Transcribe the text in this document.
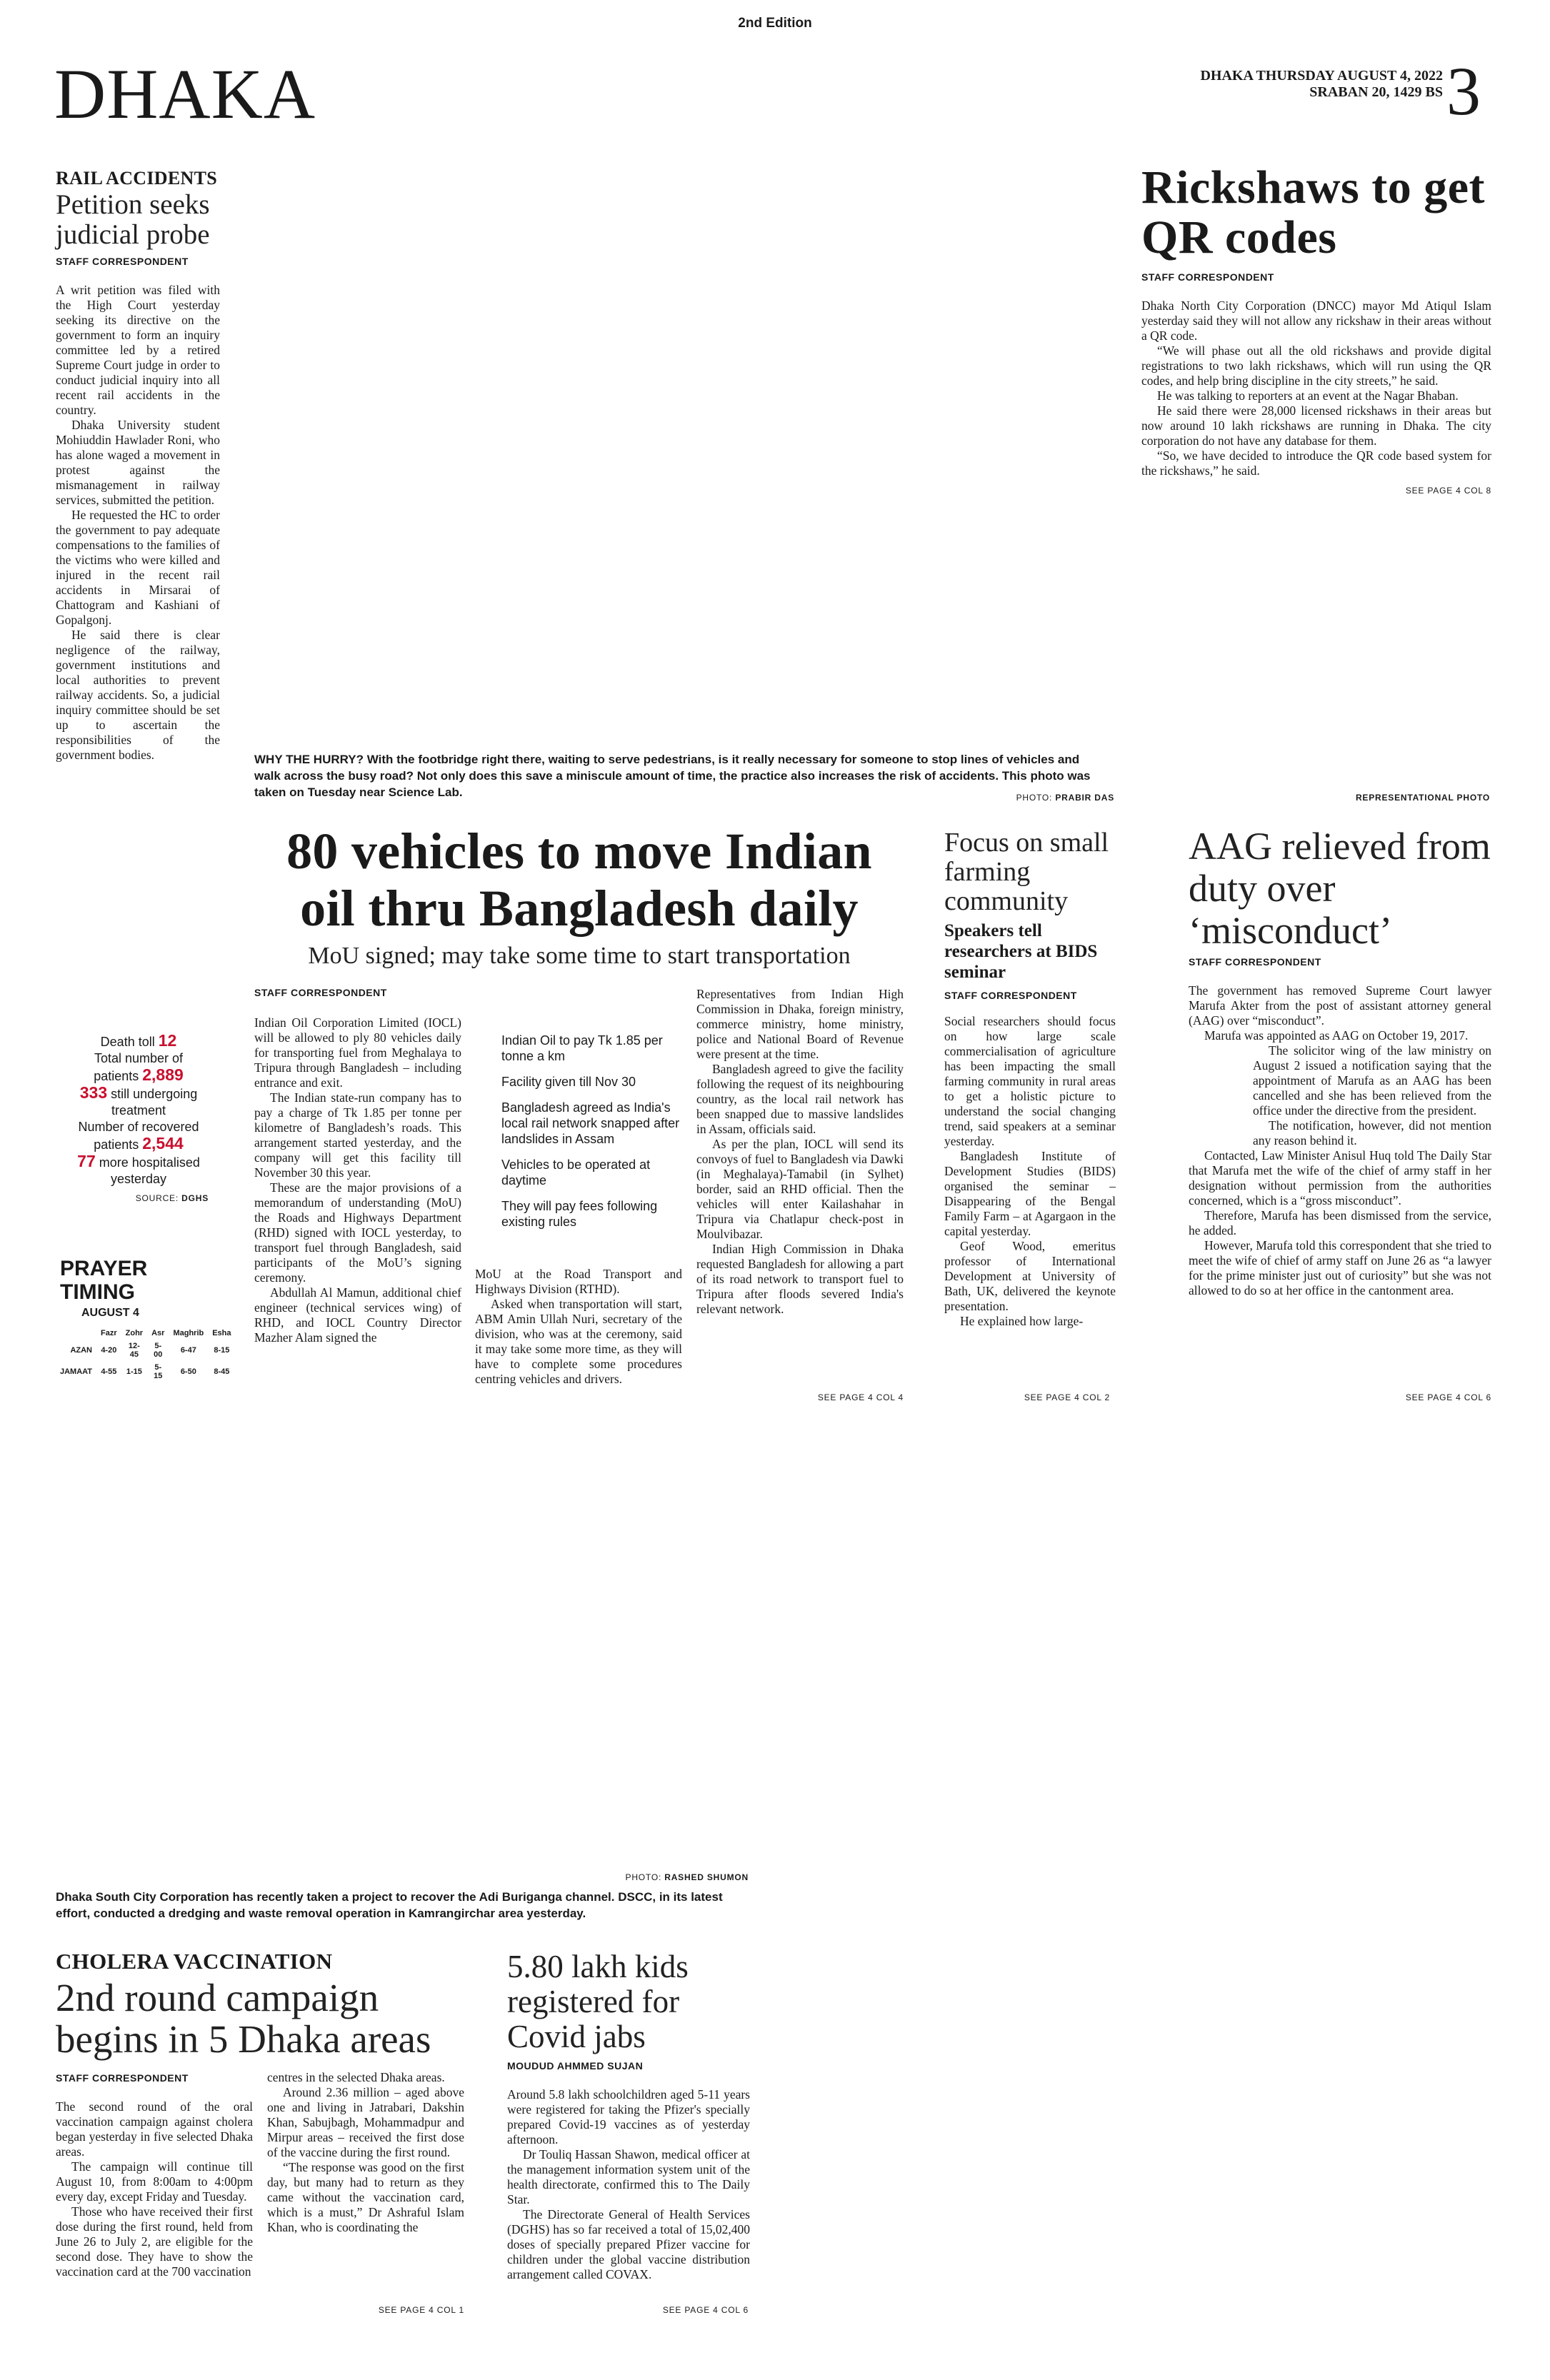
2nd Edition
DHAKA	DHAKA THURSDAY AUGUST 4, 2022
SRABAN 20, 1429 BS 3
RAIL ACCIDENTS
Petition seeks judicial probe
STAFF CORRESPONDENT

A writ petition was filed with the High Court yesterday seeking its directive on the government to form an inquiry committee led by a retired Supreme Court judge in order to conduct judicial inquiry into all recent rail accidents in the country.

Dhaka University student Mohiuddin Hawlader Roni, who has alone waged a movement in protest against the mismanagement in railway services, submitted the petition.

He requested the HC to order the government to pay adequate compensations to the families of the victims who were killed and injured in the recent rail accidents in Mirsarai of Chattogram and Kashiani of Gopalgonj.

He said there is clear negligence of the railway, government institutions and local authorities to prevent railway accidents. So, a judicial inquiry committee should be set up to ascertain the responsibilities of the government bodies.

Rickshaws to get QR codes
STAFF CORRESPONDENT

Dhaka North City Corporation (DNCC) mayor Md Atiqul Islam yesterday said they will not allow any rickshaw in their areas without a QR code.

“We will phase out all the old rickshaws and provide digital registrations to two lakh rickshaws, which will run using the QR codes, and help bring discipline in the city streets,” he said.

He was talking to reporters at an event at the Nagar Bhaban.

He said there were 28,000 licensed rickshaws in their areas but now around 10 lakh rickshaws are running in Dhaka. The city corporation do not have any database for them.

“So, we have decided to introduce the QR code based system for the rickshaws,” he said.

SEE PAGE 4 COL 8
WHY THE HURRY? With the footbridge right there, waiting to serve pedestrians, is it really necessary for someone to stop lines of vehicles and walk across the busy road? Not only does this save a miniscule amount of time, the practice also increases the risk of accidents. This photo was taken on Tuesday near Science Lab.	PHOTO: PRABIR DAS	REPRESENTATIONAL PHOTO
80 vehicles to move Indian oil thru Bangladesh daily
MoU signed; may take some time to start transportation
STAFF CORRESPONDENT

Indian Oil Corporation Limited (IOCL) will be allowed to ply 80 vehicles daily for transporting fuel from Meghalaya to Tripura through Bangladesh – including entrance and exit.

The Indian state-run company has to pay a charge of Tk 1.85 per tonne per kilometre of Bangladesh’s roads. This arrangement started yesterday, and the company will get this facility till November 30 this year.

These are the major provisions of a memorandum of understanding (MoU) the Roads and Highways Department (RHD) signed with IOCL yesterday, to transport fuel through Bangladesh, said participants of the MoU’s signing ceremony.

Abdullah Al Mamun, additional chief engineer (technical services wing) of RHD, and IOCL Country Director Mazher Alam signed the

Indian Oil to pay Tk 1.85 per tonne a km
Facility given till Nov 30
Bangladesh agreed as India's local rail network snapped after landslides in Assam
Vehicles to be operated at daytime
They will pay fees following existing rules

MoU at the Road Transport and Highways Division (RTHD).

Asked when transportation will start, ABM Amin Ullah Nuri, secretary of the division, who was at the ceremony, said it may take some more time, as they will have to complete some procedures centring vehicles and drivers.

Representatives from Indian High Commission in Dhaka, foreign ministry, commerce ministry, home ministry, police and National Board of Revenue were present at the time.

Bangladesh agreed to give the facility following the request of its neighbouring country, as the local rail network has been snapped due to massive landslides in Assam, officials said.

As per the plan, IOCL will send its convoys of fuel to Bangladesh via Dawki (in Meghalaya)-Tamabil (in Sylhet) border, said an RHD official. Then the vehicles will enter Kailashahar in Tripura via Chatlapur check-post in Moulvibazar.

Indian High Commission in Dhaka requested Bangladesh for allowing a part of its road network to transport fuel to Tripura after floods severed India's relevant network.

SEE PAGE 4 COL 4
Focus on small farming community
Speakers tell researchers at BIDS seminar
STAFF CORRESPONDENT

Social researchers should focus on how large scale commercialisation of agriculture has been impacting the small farming community in rural areas to get a holistic picture to understand the social changing trend, said speakers at a seminar yesterday.

Bangladesh Institute of Development Studies (BIDS) organised the seminar – Disappearing of the Bengal Family Farm – at Agargaon in the capital yesterday.

Geof Wood, emeritus professor of International Development at University of Bath, UK, delivered the keynote presentation.

He explained how large-

SEE PAGE 4 COL 2
AAG relieved from duty over ‘misconduct’
STAFF CORRESPONDENT

The government has removed Supreme Court lawyer Marufa Akter from the post of assistant attorney general (AAG) over “misconduct”.

Marufa was appointed as AAG on October 19, 2017.

The solicitor wing of the law ministry on August 2 issued a notification saying that the appointment of Marufa as an AAG has been cancelled and she has been relieved from the office under the directive from the president.

The notification, however, did not mention any reason behind it.

Contacted, Law Minister Anisul Huq told The Daily Star that Marufa met the wife of the chief of army staff in her designation without permission from the authorities concerned, which is a “gross misconduct”.

Therefore, Marufa has been dismissed from the service, he added.

However, Marufa told this correspondent that she tried to meet the wife of chief of army staff on June 26 as “a lawyer for the prime minister just out of curiosity” but she was not allowed to do so at her office in the cantonment area.

SEE PAGE 4 COL 6
Death toll 12
Total number of
patients 2,889
333 still undergoing
treatment
Number of recovered
patients 2,544
77 more hospitalised
yesterday
SOURCE: DGHS
PRAYER
TIMING
AUGUST 4
	Fazr	Zohr	Asr	Maghrib	Esha
AZAN	4-20	12-45	5-00	6-47	8-15
JAMAAT	4-55	1-15	5-15	6-50	8-45
PHOTO: RASHED SHUMON
Dhaka South City Corporation has recently taken a project to recover the Adi Buriganga channel. DSCC, in its latest effort, conducted a dredging and waste removal operation in Kamrangirchar area yesterday.
CHOLERA VACCINATION
2nd round campaign begins in 5 Dhaka areas
STAFF CORRESPONDENT

The second round of the oral vaccination campaign against cholera began yesterday in five selected Dhaka areas.

The campaign will continue till August 10, from 8:00am to 4:00pm every day, except Friday and Tuesday.

Those who have received their first dose during the first round, held from June 26 to July 2, are eligible for the second dose. They have to show the vaccination card at the 700 vaccination

centres in the selected Dhaka areas.

Around 2.36 million – aged above one and living in Jatrabari, Dakshin Khan, Sabujbagh, Mohammadpur and Mirpur areas – received the first dose of the vaccine during the first round.

“The response was good on the first day, but many had to return as they came without the vaccination card, which is a must,” Dr Ashraful Islam Khan, who is coordinating the

SEE PAGE 4 COL 1
5.80 lakh kids registered for Covid jabs
MOUDUD AHMMED SUJAN

Around 5.8 lakh schoolchildren aged 5-11 years were registered for taking the Pfizer's specially prepared Covid-19 vaccines as of yesterday afternoon.

Dr Touliq Hassan Shawon, medical officer at the management information system unit of the health directorate, confirmed this to The Daily Star.

The Directorate General of Health Services (DGHS) has so far received a total of 15,02,400 doses of specially prepared Pfizer vaccine for children under the global vaccine distribution arrangement called COVAX.

SEE PAGE 4 COL 6
